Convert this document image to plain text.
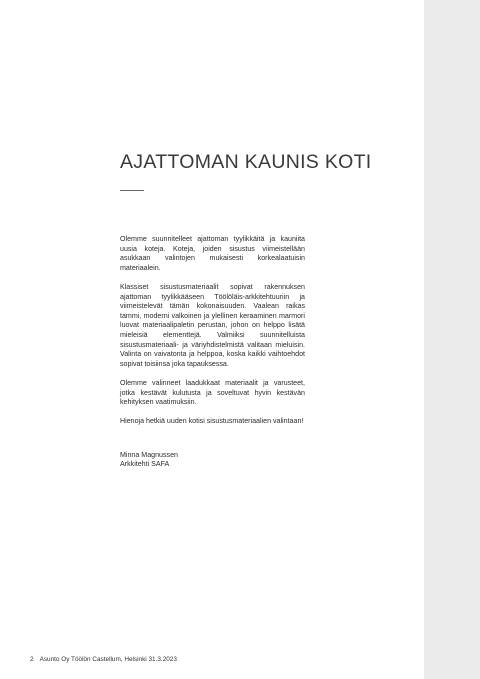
AJATTOMAN KAUNIS KOTI

Olemme suunnitelleet ajattoman tyylikkäitä ja kauniita uusia koteja. Koteja, joiden sisustus viimeistellään asukkaan valintojen mukaisesti korkealaatuisin materiaalein.

Klassiset sisustusmateriaalit sopivat rakennuksen ajattoman tyylikkääseen Töölöläis-arkkitehtuuriin ja viimeistelevät tämän kokonaisuuden. Vaalean raikas tammi, moderni valkoinen ja ylellinen keraaminen marmori luovat materiaalipaletin perustan, johon on helppo lisätä mieleisiä elementtejä. Valmiiksi suunnitelluista sisustusmateriaali- ja väriyhdistelmistä valitaan mieluisin. Valinta on vaivatonta ja helppoa, koska kaikki vaihtoehdot sopivat toisiinsa joka tapauksessa.

Olemme valinneet laadukkaat materiaalit ja varusteet, jotka kestävät kulutusta ja soveltuvat hyvin kestävän kehityksen vaatimuksiin.

Hienoja hetkiä uuden kotisi sisustusmateriaalien valintaan!

Minna Magnussen
Arkkitehti SAFA
2 Asunto Oy Töölön Castellum, Helsinki 31.3.2023
